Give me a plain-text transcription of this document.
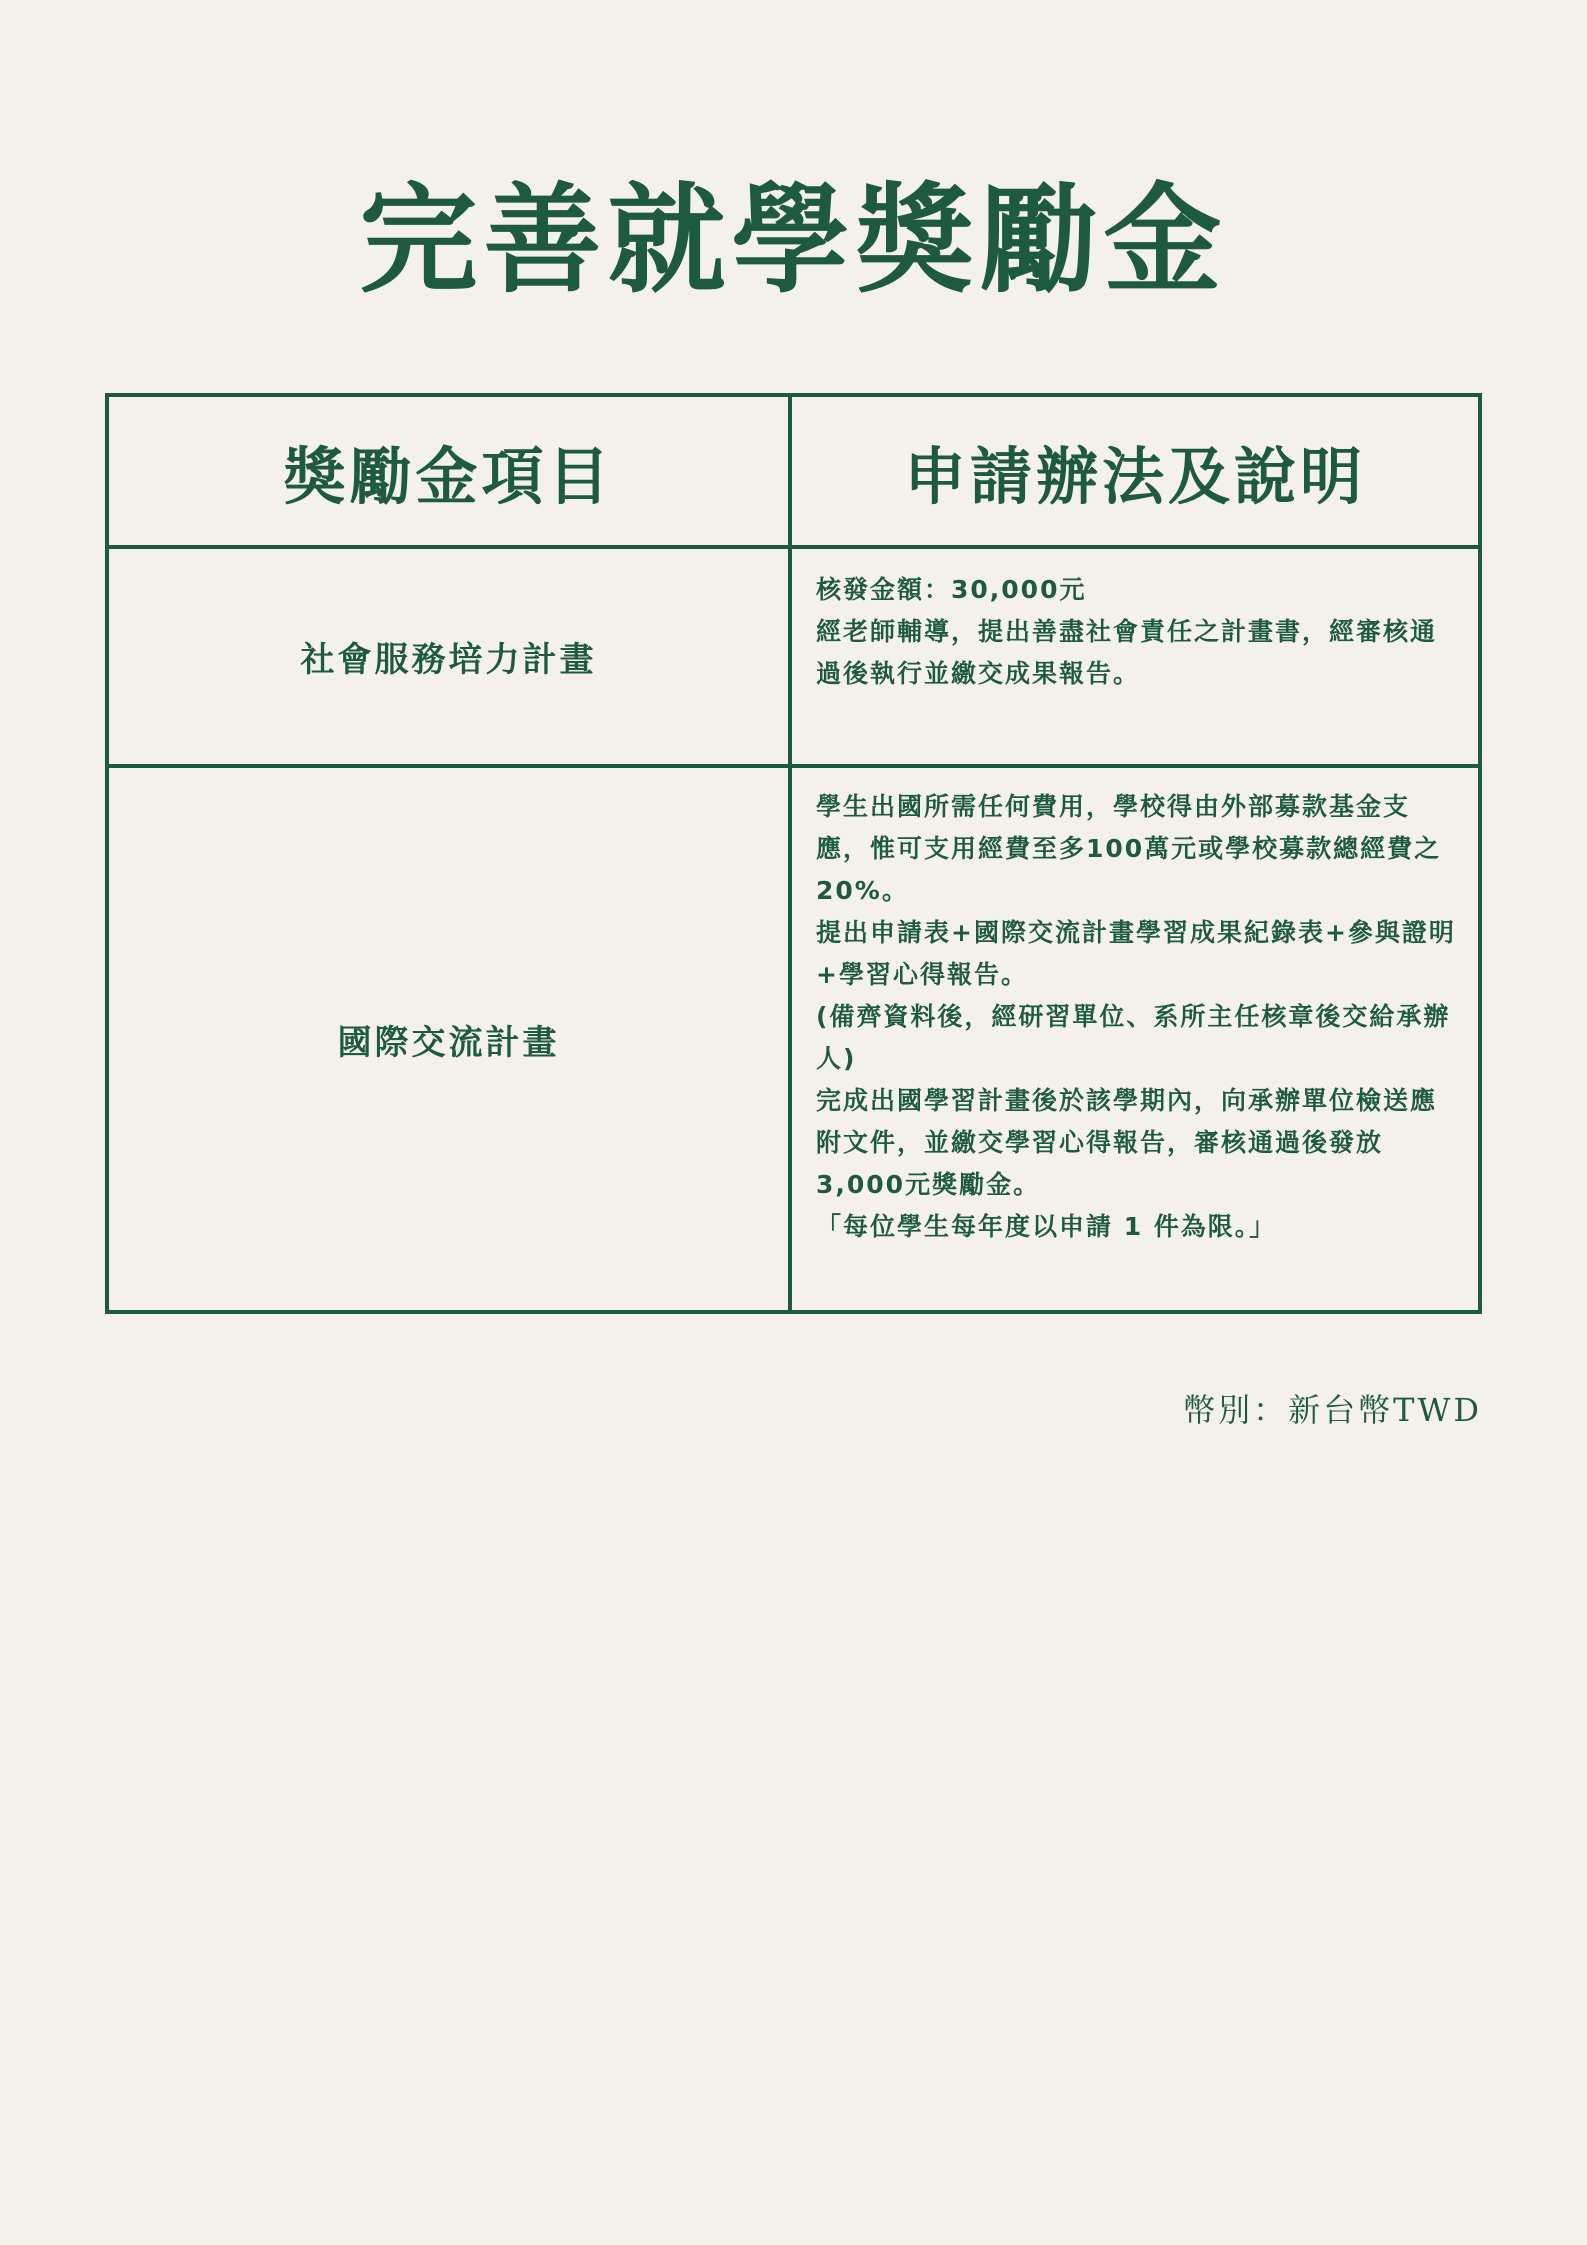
完善就學獎勵金
獎勵金項目	申請辦法及說明
社會服務培力計畫

核發金額：30,000元

經老師輔導，提出善盡社會責任之計畫書，經審核通過後執行並繳交成果報告。

國際交流計畫

學生出國所需任何費用，學校得由外部募款基金支應，惟可支用經費至多100萬元或學校募款總經費之20%。

提出申請表+國際交流計畫學習成果紀錄表+參與證明+學習心得報告。

(備齊資料後，經研習單位、系所主任核章後交給承辦人)

完成出國學習計畫後於該學期內，向承辦單位檢送應附文件，並繳交學習心得報告，審核通過後發放3,000元獎勵金。

「每位學生每年度以申請 1 件為限。」

幣別：新台幣TWD
